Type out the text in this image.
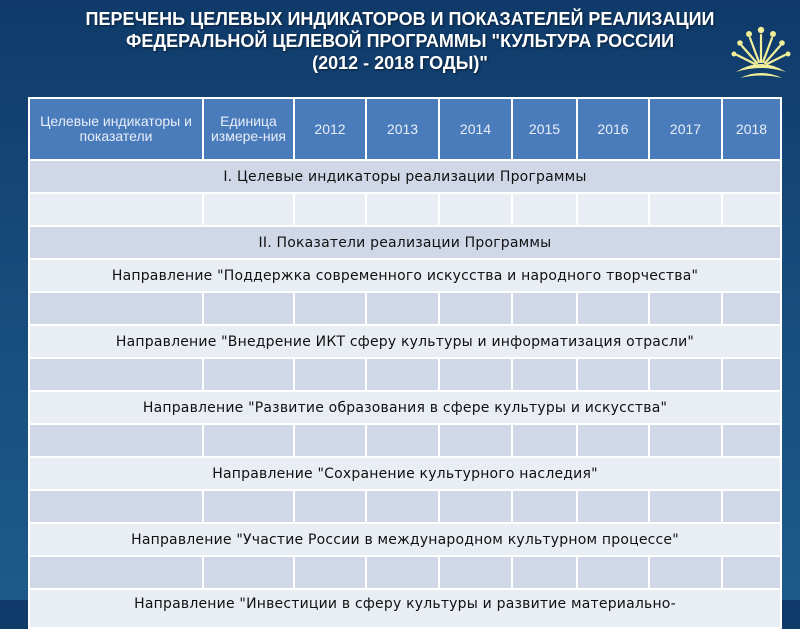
ПЕРЕЧЕНЬ ЦЕЛЕВЫХ ИНДИКАТОРОВ И ПОКАЗАТЕЛЕЙ РЕАЛИЗАЦИИ
ФЕДЕРАЛЬНОЙ ЦЕЛЕВОЙ ПРОГРАММЫ "КУЛЬТУРА РОССИИ
(2012 - 2018 ГОДЫ)"
Целевые индикаторы и показатели	Единица измере-ния	2012	2013	2014	2015	2016	2017	2018
I. Целевые индикаторы реализации Программы								

II. Показатели реализации Программы								
Направление "Поддержка современного искусства и народного творчества"								

Направление "Внедрение ИКТ сферу культуры и информатизация отрасли"								

Направление "Развитие образования в сфере культуры и искусства"								

Направление "Сохранение культурного наследия"								

Направление "Участие России в международном культурном процессе"								

Направление "Инвестиции в сферу культуры и развитие материально-								
